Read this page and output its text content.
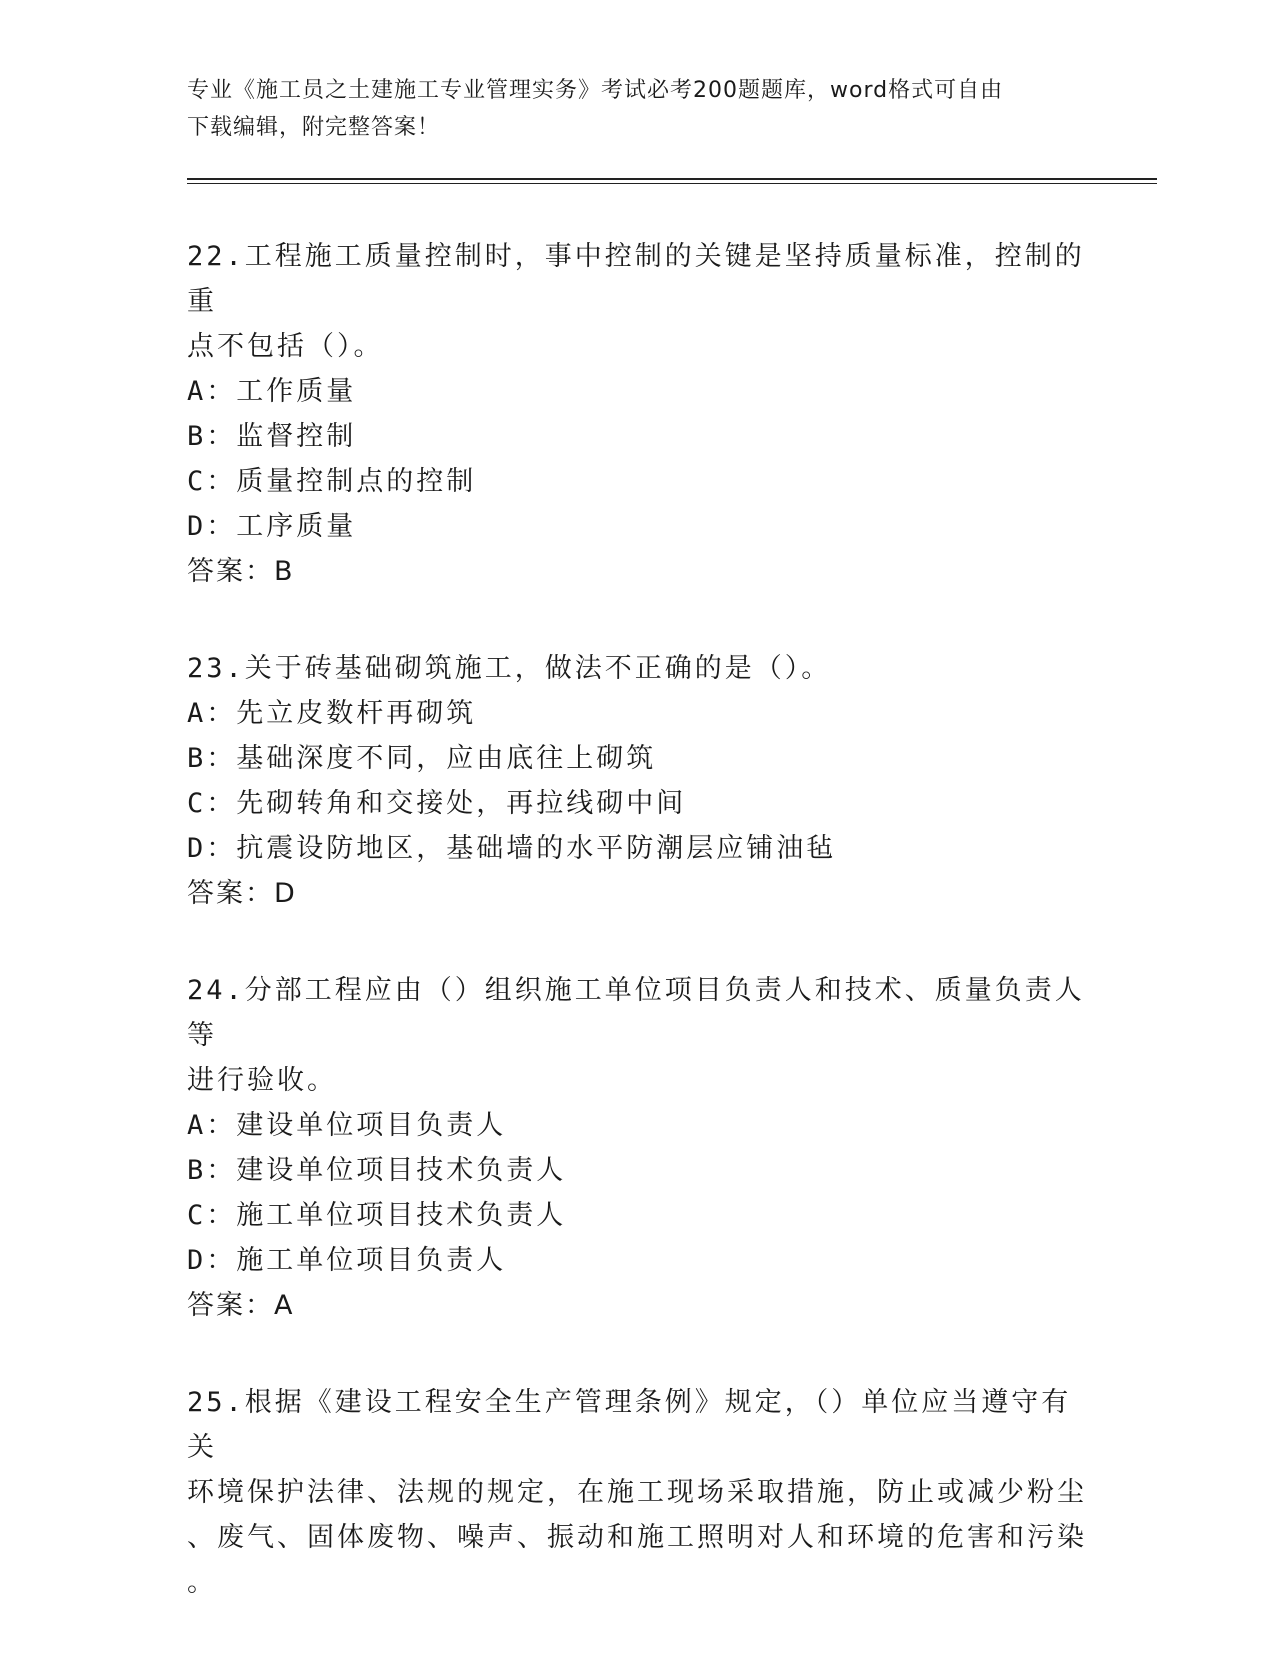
专业《施工员之土建施工专业管理实务》考试必考200题题库，word格式可自由
下载编辑，附完整答案！
22.工程施工质量控制时，事中控制的关键是坚持质量标准，控制的重
点不包括（）。
A：工作质量
B：监督控制
C：质量控制点的控制
D：工序质量
答案：B
23.关于砖基础砌筑施工，做法不正确的是（）。
A：先立皮数杆再砌筑
B：基础深度不同，应由底往上砌筑
C：先砌转角和交接处，再拉线砌中间
D：抗震设防地区，基础墙的水平防潮层应铺油毡
答案：D
24.分部工程应由（）组织施工单位项目负责人和技术、质量负责人等
进行验收。
A：建设单位项目负责人
B：建设单位项目技术负责人
C：施工单位项目技术负责人
D：施工单位项目负责人
答案：A
25.根据《建设工程安全生产管理条例》规定，（）单位应当遵守有关
环境保护法律、法规的规定，在施工现场采取措施，防止或减少粉尘
、废气、固体废物、噪声、振动和施工照明对人和环境的危害和污染
。
